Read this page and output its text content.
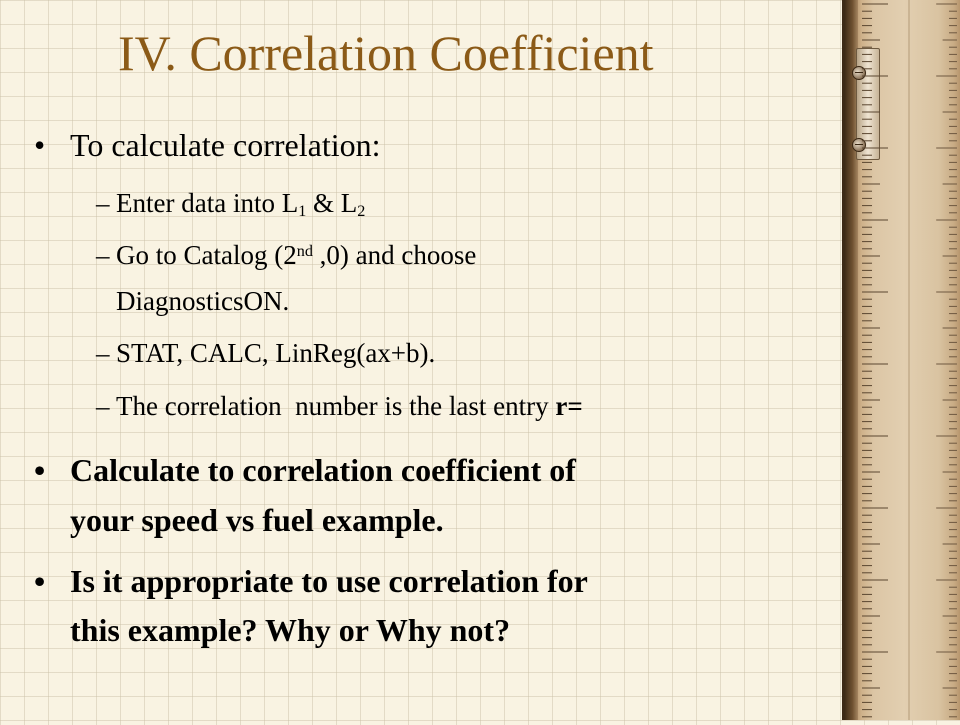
IV. Correlation Coefficient
• To calculate correlation:
– Enter data into $L_1$ & $L_2$
– Go to Catalog (2nd ,0) and choose
DiagnosticsON.
– STAT, CALC, LinReg(ax+b).
– The correlation  number is the last entry r=
• Calculate to correlation coefficient of
your speed vs fuel example.
• Is it appropriate to use correlation for
this example? Why or Why not?
